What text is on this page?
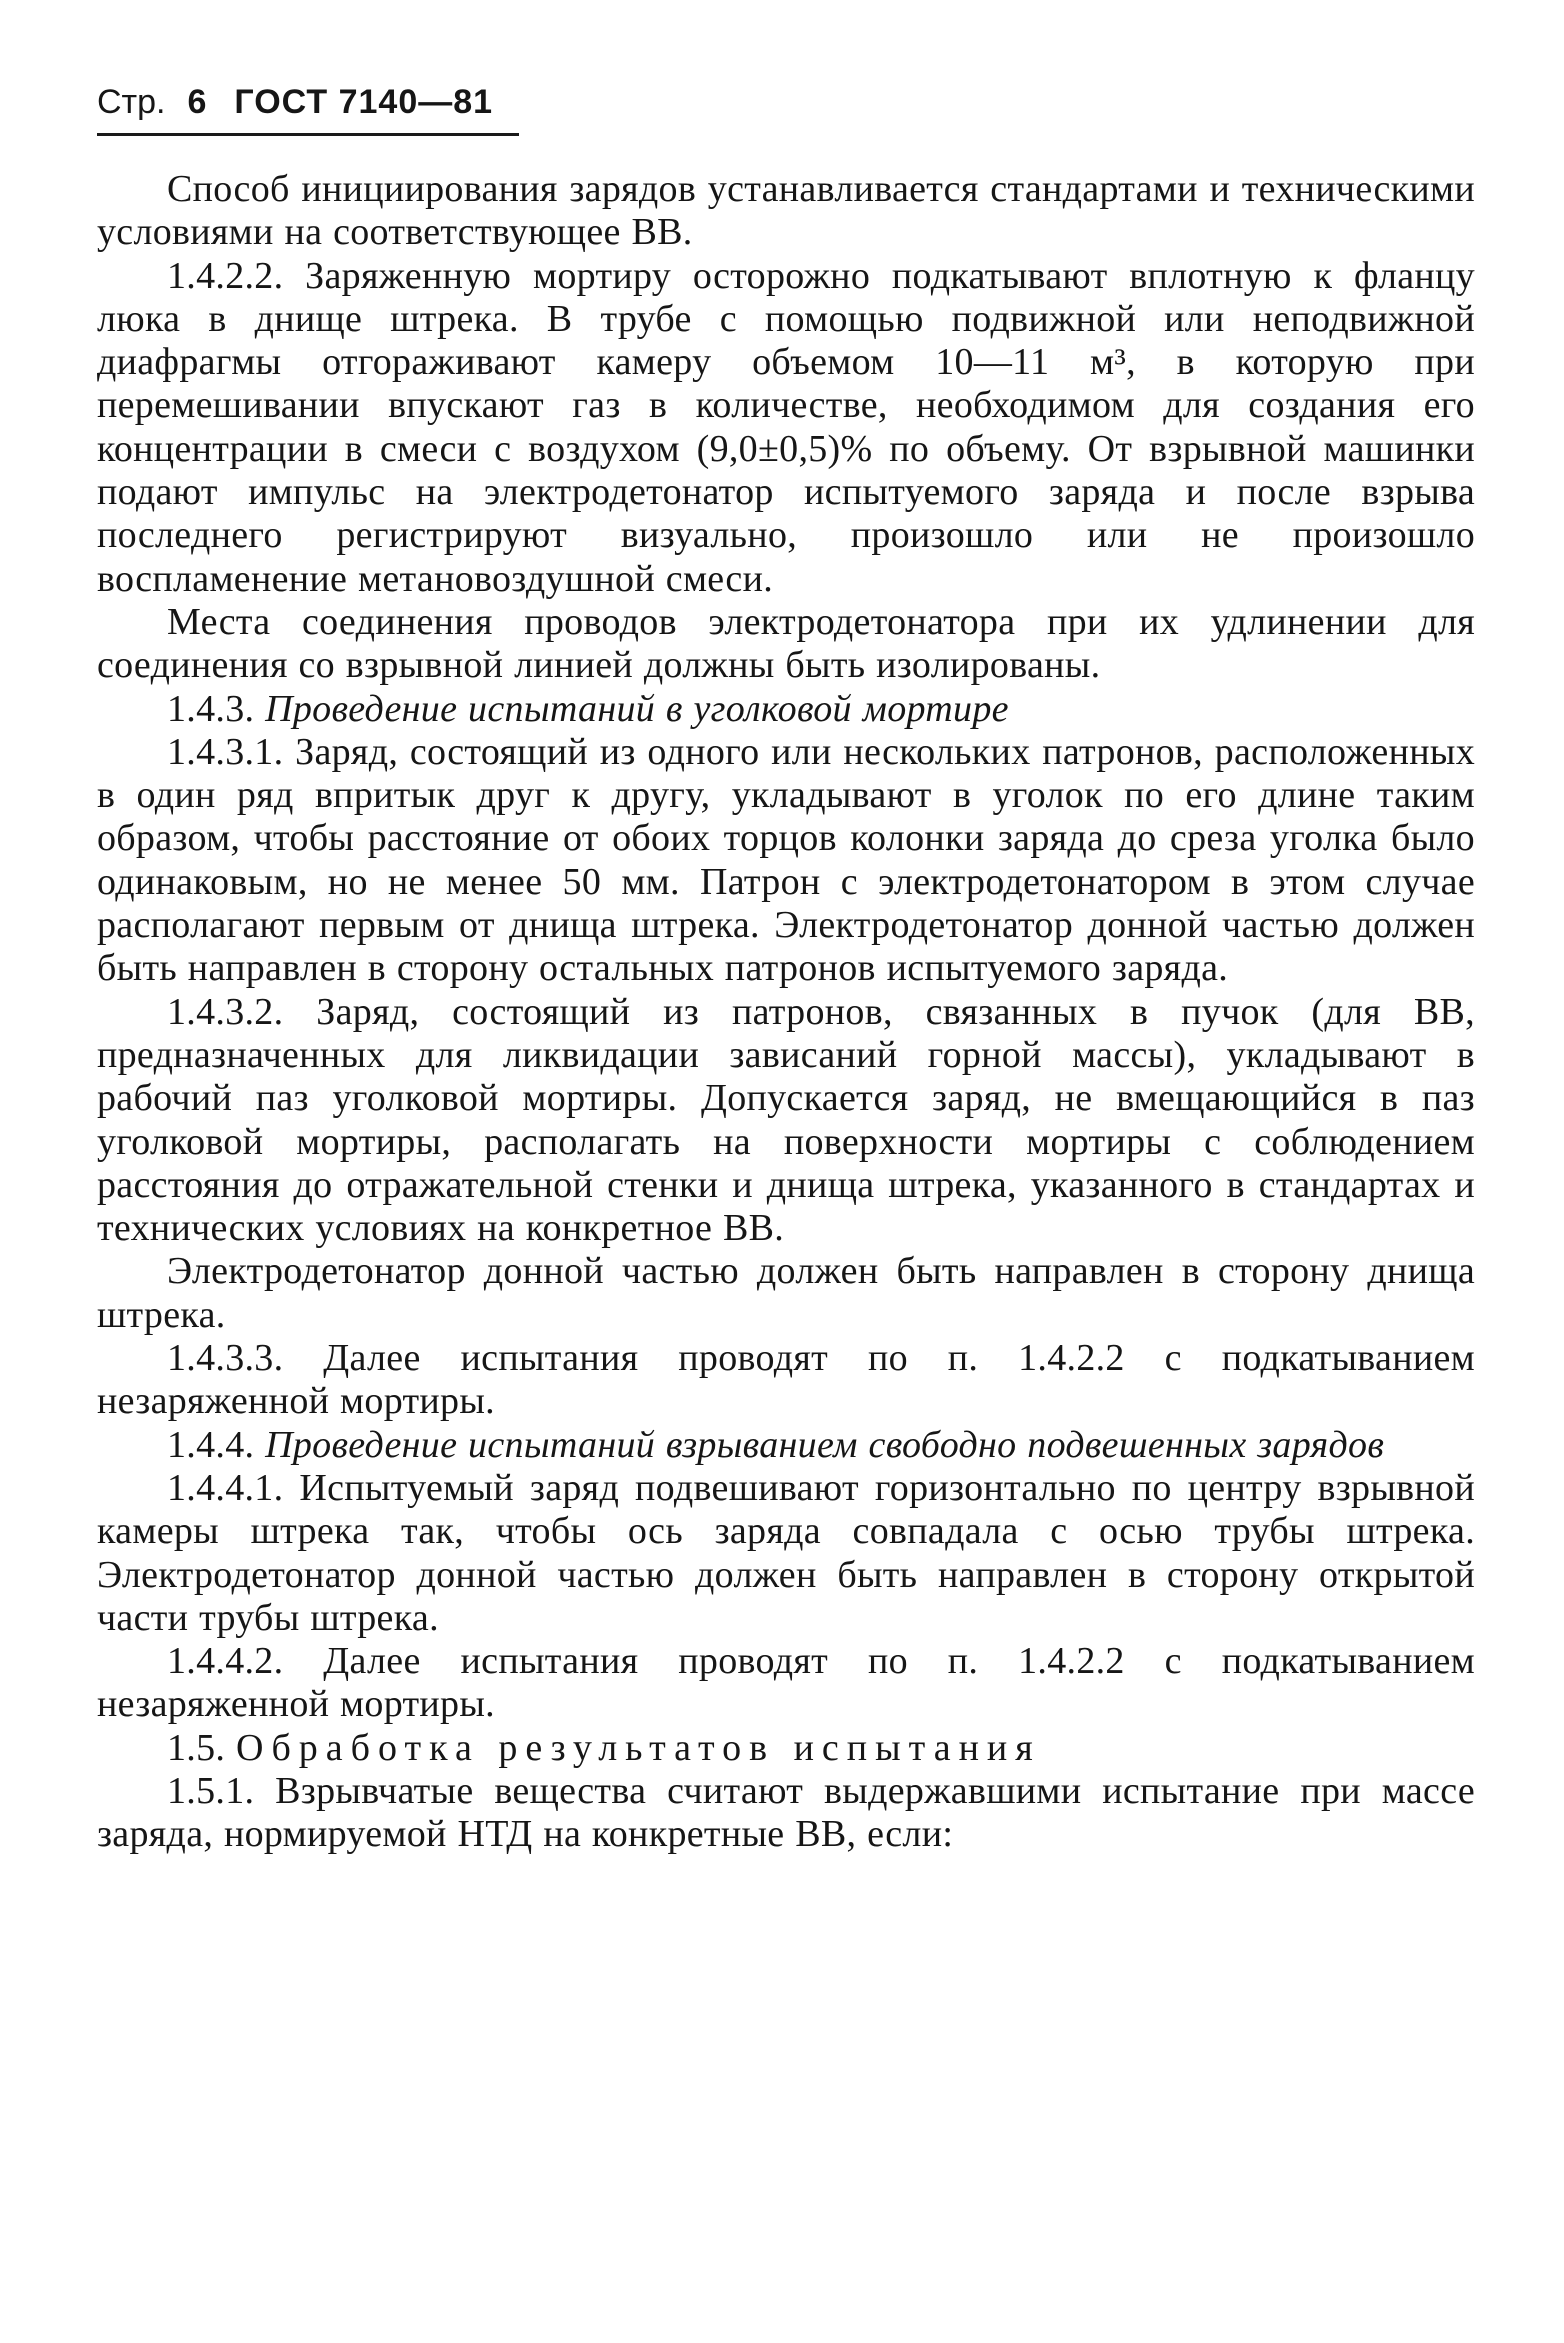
Стр. 6 ГОСТ 7140—81

Способ инициирования зарядов устанавливается стандартами и техническими условиями на соответствующее ВВ.

1.4.2.2. Заряженную мортиру осторожно подкатывают вплотную к фланцу люка в днище штрека. В трубе с помощью подвижной или неподвижной диафрагмы отгораживают камеру объемом 10—11 м³, в которую при перемешивании впускают газ в количестве, необходимом для создания его концентрации в смеси с воздухом (9,0±0,5)% по объему. От взрывной машинки подают импульс на электродетонатор испытуемого заряда и после взрыва последнего регистрируют визуально, произошло или не произошло воспламенение метановоздушной смеси.

Места соединения проводов электродетонатора при их удлинении для соединения со взрывной линией должны быть изолированы.

1.4.3. Проведение испытаний в уголковой мортире

1.4.3.1. Заряд, состоящий из одного или нескольких патронов, расположенных в один ряд впритык друг к другу, укладывают в уголок по его длине таким образом, чтобы расстояние от обоих торцов колонки заряда до среза уголка было одинаковым, но не менее 50 мм. Патрон с электродетонатором в этом случае располагают первым от днища штрека. Электродетонатор донной частью должен быть направлен в сторону остальных патронов испытуемого заряда.

1.4.3.2. Заряд, состоящий из патронов, связанных в пучок (для ВВ, предназначенных для ликвидации зависаний горной массы), укладывают в рабочий паз уголковой мортиры. Допускается заряд, не вмещающийся в паз уголковой мортиры, располагать на поверхности мортиры с соблюдением расстояния до отражательной стенки и днища штрека, указанного в стандартах и технических условиях на конкретное ВВ.

Электродетонатор донной частью должен быть направлен в сторону днища штрека.

1.4.3.3. Далее испытания проводят по п. 1.4.2.2 с подкатыванием незаряженной мортиры.

1.4.4. Проведение испытаний взрыванием свободно подвешенных зарядов

1.4.4.1. Испытуемый заряд подвешивают горизонтально по центру взрывной камеры штрека так, чтобы ось заряда совпадала с осью трубы штрека. Электродетонатор донной частью должен быть направлен в сторону открытой части трубы штрека.

1.4.4.2. Далее испытания проводят по п. 1.4.2.2 с подкатыванием незаряженной мортиры.

1.5. Обработка результатов испытания

1.5.1. Взрывчатые вещества считают выдержавшими испытание при массе заряда, нормируемой НТД на конкретные ВВ, если:
